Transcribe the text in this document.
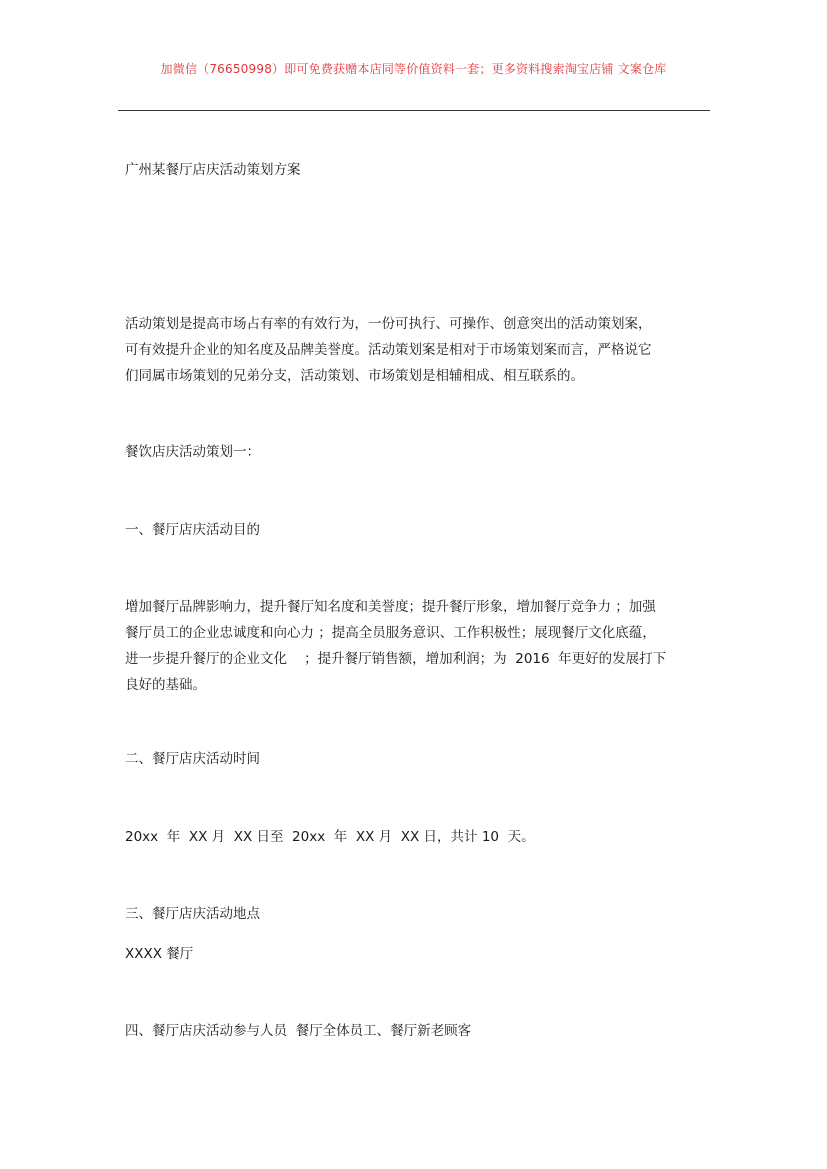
加微信（76650998）即可免费获赠本店同等价值资料一套；更多资料搜索淘宝店铺 文案仓库
广州某餐厅店庆活动策划方案
活动策划是提高市场占有率的有效行为，一份可执行、可操作、创意突出的活动策划案，
可有效提升企业的知名度及品牌美誉度。活动策划案是相对于市场策划案而言，严格说它
们同属市场策划的兄弟分支，活动策划、市场策划是相辅相成、相互联系的。
餐饮店庆活动策划一：
一、餐厅店庆活动目的
增加餐厅品牌影响力，提升餐厅知名度和美誉度；提升餐厅形象，增加餐厅竞争力 ；加强
餐厅员工的企业忠诚度和向心力 ；提高全员服务意识、工作积极性；展现餐厅文化底蕴，
进一步提升餐厅的企业文化    ；提升餐厅销售额，增加利润；为  2016  年更好的发展打下
良好的基础。
二、餐厅店庆活动时间
20xx  年  XX 月  XX 日至  20xx  年  XX 月  XX 日，共计 10  天。
三、餐厅店庆活动地点
XXXX 餐厅
四、餐厅店庆活动参与人员  餐厅全体员工、餐厅新老顾客
